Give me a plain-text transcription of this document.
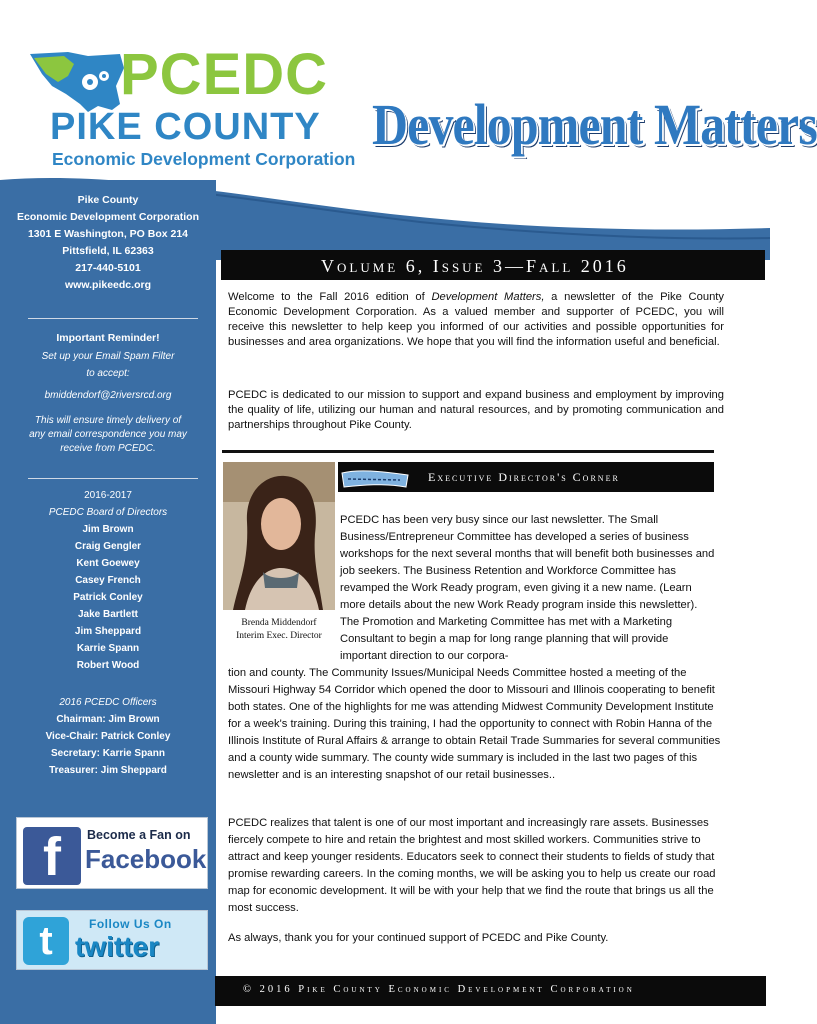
PCEDC
PIKE COUNTY
Economic Development Corporation
Development Matters
Pike County
Economic Development Corporation
1301 E Washington, PO Box 214
Pittsfield, IL 62363
217-440-5101
www.pikeedc.org
Important Reminder!
Set up your Email Spam Filter
to accept:
bmiddendorf@2riversrcd.org
This will ensure timely delivery of
any email correspondence you may
receive from PCEDC.
2016-2017
PCEDC Board of Directors
Jim Brown
Craig Gengler
Kent Goewey
Casey French
Patrick Conley
Jake Bartlett
Jim Sheppard
Karrie Spann
Robert Wood
2016 PCEDC Officers
Chairman: Jim Brown
Vice-Chair: Patrick Conley
Secretary: Karrie Spann
Treasurer: Jim Sheppard
f	Become a Fan on
Facebook
t	Follow Us On
twitter
Volume 6, Issue 3—Fall 2016
Welcome to the Fall 2016 edition of Development Matters, a newsletter of the Pike County Economic Development Corporation. As a valued member and supporter of PCEDC, you will receive this newsletter to help keep you informed of our activities and possible opportunities for businesses and area organizations. We hope that you will find the information useful and beneficial.
PCEDC is dedicated to our mission to support and expand business and employment by improving the quality of life, utilizing our human and natural resources, and by promoting communication and partnerships throughout Pike County.
Brenda Middendorf
Interim Exec. Director
Executive Director's Corner
PCEDC has been very busy since our last newsletter. The Small Business/Entrepreneur Committee has developed a series of business workshops for the next several months that will benefit both businesses and job seekers. The Business Retention and Workforce Committee has revamped the Work Ready program, even giving it a new name. (Learn more details about the new Work Ready program inside this newsletter). The Promotion and Marketing Committee has met with a Marketing Consultant to begin a map for long range planning that will provide important direction to our corpora-
tion and county. The Community Issues/Municipal Needs Committee hosted a meeting of the Missouri Highway 54 Corridor which opened the door to Missouri and Illinois cooperating to benefit both states. One of the highlights for me was attending Midwest Community Development Institute for a week's training. During this training, I had the opportunity to connect with Robin Hanna of the Illinois Institute of Rural Affairs & arrange to obtain Retail Trade Summaries for several communities and a county wide summary. The county wide summary is included in the last two pages of this newsletter and is an interesting snapshot of our retail businesses..
PCEDC realizes that talent is one of our most important and increasingly rare assets. Businesses fiercely compete to hire and retain the brightest and most skilled workers. Communities strive to attract and keep younger residents. Educators seek to connect their students to fields of study that promise rewarding careers. In the coming months, we will be asking you to help us create our road map for economic development. It will be with your help that we find the route that brings us all the most success.
As always, thank you for your continued support of PCEDC and Pike County.
© 2016 Pike County Economic Development Corporation
